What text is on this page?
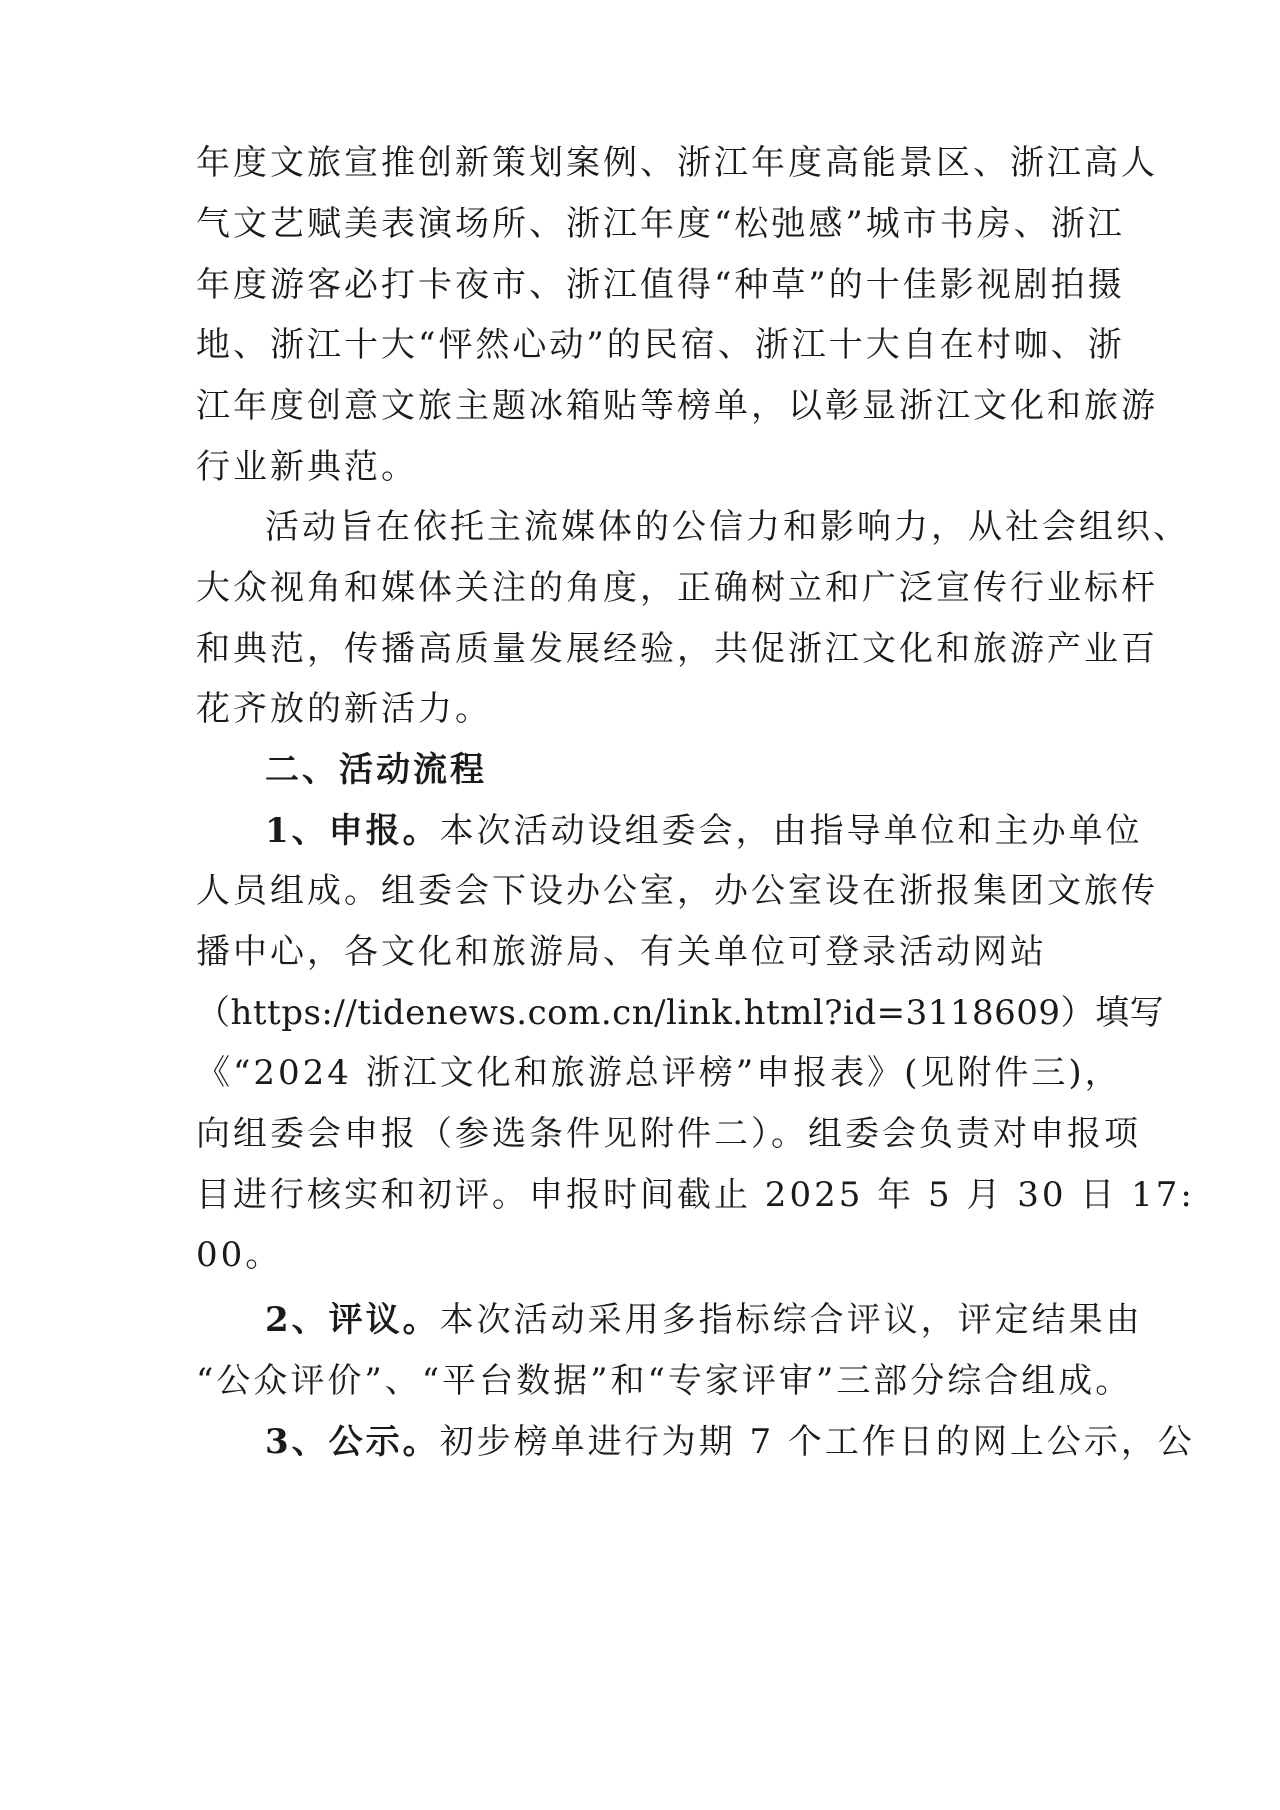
年度文旅宣推创新策划案例、浙江年度高能景区、浙江高人
气文艺赋美表演场所、浙江年度“松弛感”城市书房、浙江
年度游客必打卡夜市、浙江值得“种草”的十佳影视剧拍摄
地、浙江十大“怦然心动”的民宿、浙江十大自在村咖、浙
江年度创意文旅主题冰箱贴等榜单，以彰显浙江文化和旅游
行业新典范。
活动旨在依托主流媒体的公信力和影响力，从社会组织、
大众视角和媒体关注的角度，正确树立和广泛宣传行业标杆
和典范，传播高质量发展经验，共促浙江文化和旅游产业百
花齐放的新活力。
二、活动流程
1、申报。本次活动设组委会，由指导单位和主办单位
人员组成。组委会下设办公室，办公室设在浙报集团文旅传
播中心，各文化和旅游局、有关单位可登录活动网站
（https://tidenews.com.cn/link.html?id=3118609）填写
《“2024 浙江文化和旅游总评榜”申报表》(见附件三)，
向组委会申报（参选条件见附件二）。组委会负责对申报项
目进行核实和初评。申报时间截止 2025 年 5 月 30 日 17:
00。
2、评议。本次活动采用多指标综合评议，评定结果由
“公众评价”、“平台数据”和“专家评审”三部分综合组成。
3、公示。初步榜单进行为期 7 个工作日的网上公示，公
